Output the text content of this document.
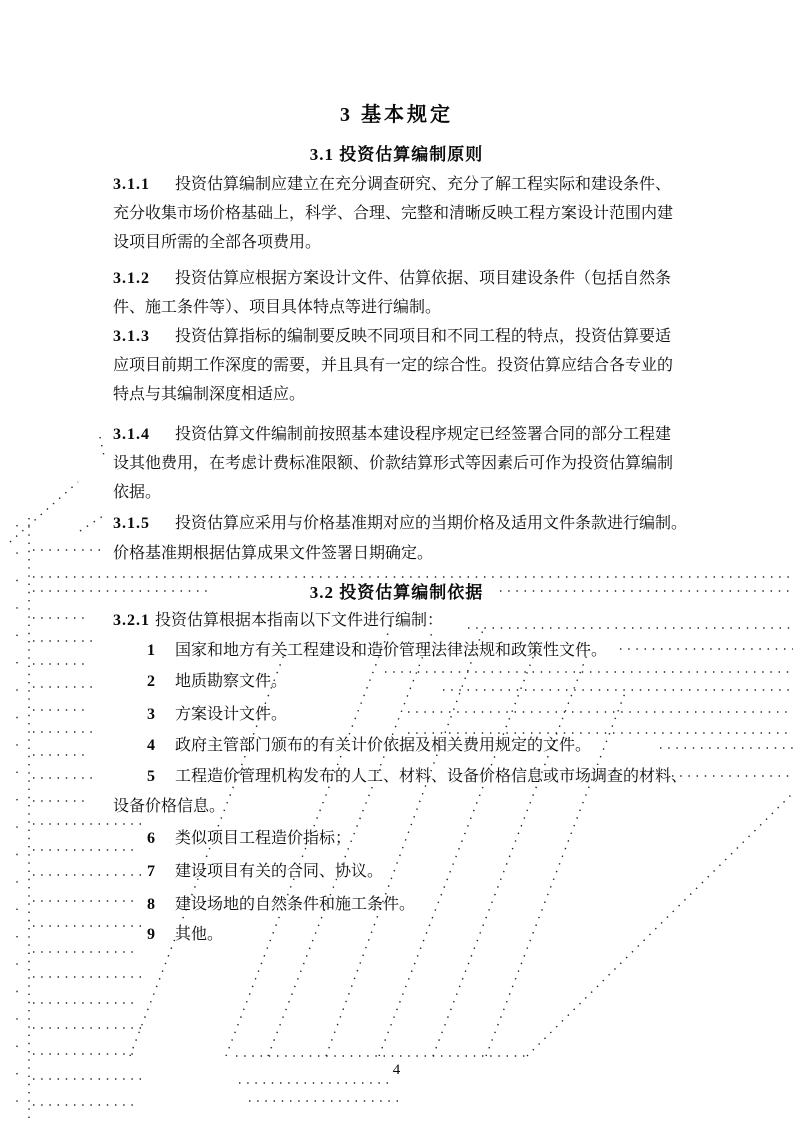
3 基本规定
3.1 投资估算编制原则
3.1.1 投资估算编制应建立在充分调查研究、充分了解工程实际和建设条件、
充分收集市场价格基础上，科学、合理、完整和清晰反映工程方案设计范围内建
设项目所需的全部各项费用。
3.1.2 投资估算应根据方案设计文件、估算依据、项目建设条件（包括自然条
件、施工条件等）、项目具体特点等进行编制。
3.1.3 投资估算指标的编制要反映不同项目和不同工程的特点，投资估算要适
应项目前期工作深度的需要，并且具有一定的综合性。投资估算应结合各专业的
特点与其编制深度相适应。
3.1.4 投资估算文件编制前按照基本建设程序规定已经签署合同的部分工程建
设其他费用，在考虑计费标准限额、价款结算形式等因素后可作为投资估算编制
依据。
3.1.5 投资估算应采用与价格基准期对应的当期价格及适用文件条款进行编制。
价格基准期根据估算成果文件签署日期确定。
3.2 投资估算编制依据
3.2.1 投资估算根据本指南以下文件进行编制：
1 国家和地方有关工程建设和造价管理法律法规和政策性文件。
2 地质勘察文件。
3 方案设计文件。
4 政府主管部门颁布的有关计价依据及相关费用规定的文件。
5 工程造价管理机构发布的人工、材料、设备价格信息或市场调查的材料、
设备价格信息。
6 类似项目工程造价指标；
7 建设项目有关的合同、协议。
8 建设场地的自然条件和施工条件。
9 其他。
4
